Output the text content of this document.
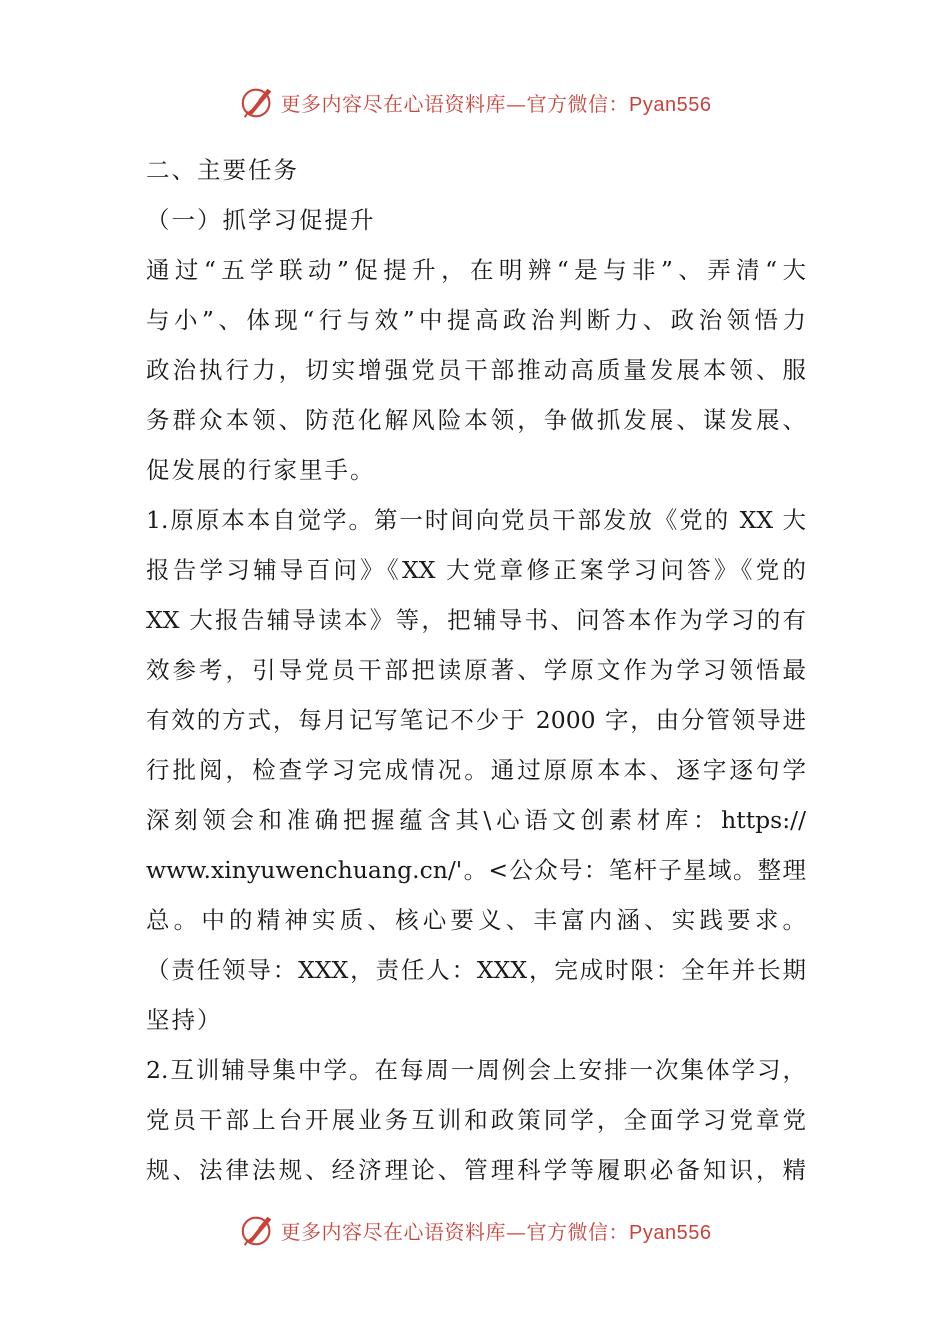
更多内容尽在心语资料库—官方微信：Pyan556
二、主要任务
（一）抓学习促提升
通过“五学联动”促提升，在明辨“是与非”、弄清“大
与小”、体现“行与效”中提高政治判断力、政治领悟力
政治执行力，切实增强党员干部推动高质量发展本领、服
务群众本领、防范化解风险本领，争做抓发展、谋发展、
促发展的行家里手。
1.原原本本自觉学。第一时间向党员干部发放《党的 XX 大
报告学习辅导百问》《XX 大党章修正案学习问答》《党的
XX 大报告辅导读本》等，把辅导书、问答本作为学习的有
效参考，引导党员干部把读原著、学原文作为学习领悟最
有效的方式，每月记写笔记不少于 2000 字，由分管领导进
行批阅，检查学习完成情况。通过原原本本、逐字逐句学
深刻领会和准确把握蕴含其\心语文创素材库：https://
www.xinyuwenchuang.cn/'。<公众号：笔杆子星域。整理
总。中的精神实质、核心要义、丰富内涵、实践要求。
（责任领导：XXX，责任人：XXX，完成时限：全年并长期
坚持）
2.互训辅导集中学。在每周一周例会上安排一次集体学习，
党员干部上台开展业务互训和政策同学，全面学习党章党
规、法律法规、经济理论、管理科学等履职必备知识，精
更多内容尽在心语资料库—官方微信：Pyan556
